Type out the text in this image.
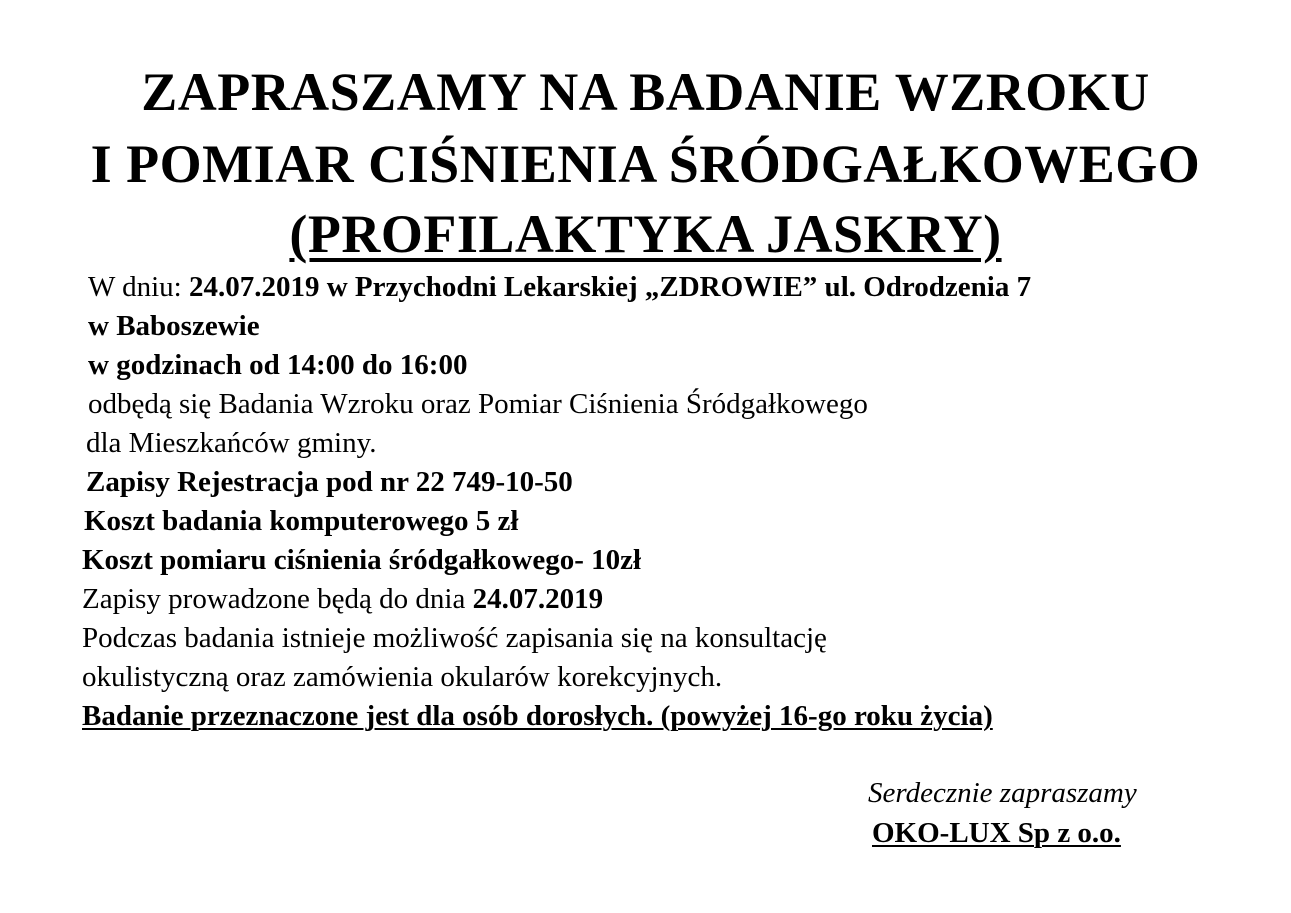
ZAPRASZAMY NA BADANIE WZROKU
I POMIAR CIŚNIENIA ŚRÓDGAŁKOWEGO
(PROFILAKTYKA JASKRY)
W dniu: 24.07.2019 w Przychodni Lekarskiej „ZDROWIE” ul. Odrodzenia 7
w Baboszewie
w godzinach od 14:00 do 16:00
odbędą się Badania Wzroku oraz Pomiar Ciśnienia Śródgałkowego
dla Mieszkańców gminy.
Zapisy Rejestracja pod nr 22 749-10-50
Koszt badania komputerowego 5 zł
Koszt pomiaru ciśnienia śródgałkowego- 10zł
Zapisy prowadzone będą do dnia 24.07.2019
Podczas badania istnieje możliwość zapisania się na konsultację
okulistyczną oraz zamówienia okularów korekcyjnych.
Badanie przeznaczone jest dla osób dorosłych. (powyżej 16-go roku życia)
Serdecznie zapraszamy
OKO-LUX Sp z o.o.
